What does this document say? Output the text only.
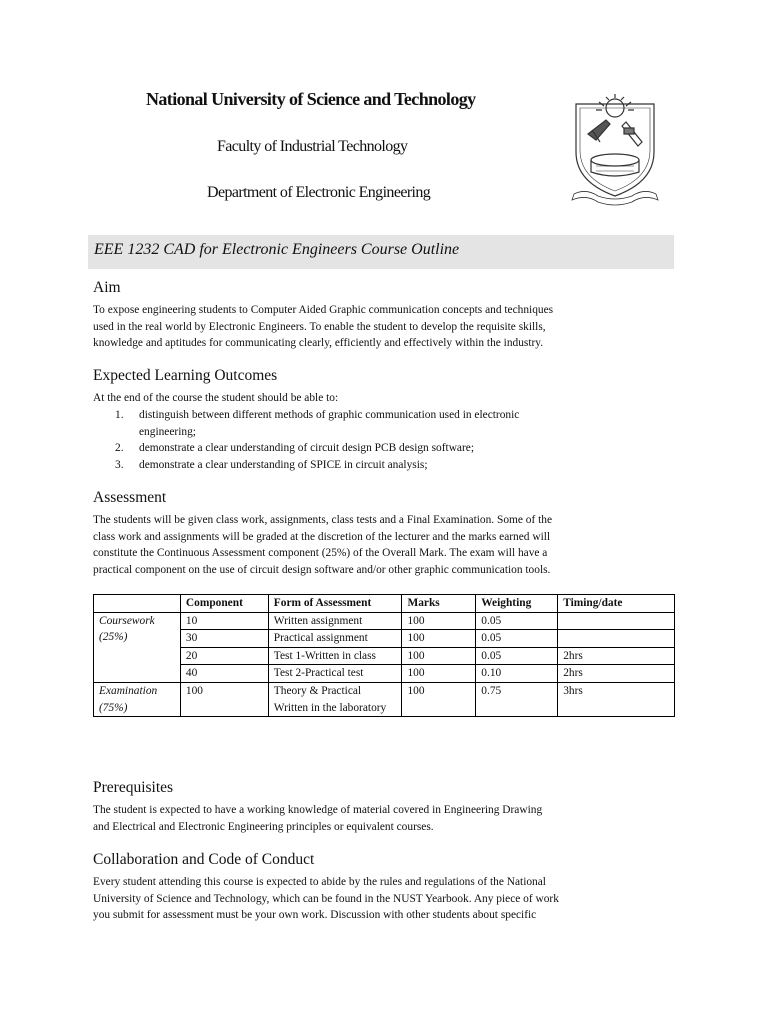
National University of Science and Technology
Faculty of Industrial Technology
Department of Electronic Engineering
EEE 1232 CAD for Electronic Engineers Course Outline
Aim
To expose engineering students to Computer Aided Graphic communication concepts and techniques
used in the real world by Electronic Engineers. To enable the student to develop the requisite skills,
knowledge and aptitudes for communicating clearly, efficiently and effectively within the industry.
Expected Learning Outcomes
At the end of the course the student should be able to:
1. distinguish between different methods of graphic communication used in electronic
engineering;
2. demonstrate a clear understanding of circuit design PCB design software;
3. demonstrate a clear understanding of SPICE in circuit analysis;
Assessment
The students will be given class work, assignments, class tests and a Final Examination. Some of the
class work and assignments will be graded at the discretion of the lecturer and the marks earned will
constitute the Continuous Assessment component (25%) of the Overall Mark. The exam will have a
practical component on the use of circuit design software and/or other graphic communication tools.
	Component	Form of Assessment	Marks	Weighting	Timing/date

Coursework
(25%)	10	Written assignment	100	0.05	
	30	Practical assignment	100	0.05	
	20	Test 1-Written in class	100	0.05	2hrs
	40	Test 2-Practical test	100	0.10	2hrs

Examination
(75%)	100	Theory & Practical Written in the laboratory	100	0.75	3hrs
Prerequisites
The student is expected to have a working knowledge of material covered in Engineering Drawing
and Electrical and Electronic Engineering principles or equivalent courses.
Collaboration and Code of Conduct
Every student attending this course is expected to abide by the rules and regulations of the National
University of Science and Technology, which can be found in the NUST Yearbook. Any piece of work
you submit for assessment must be your own work. Discussion with other students about specific
